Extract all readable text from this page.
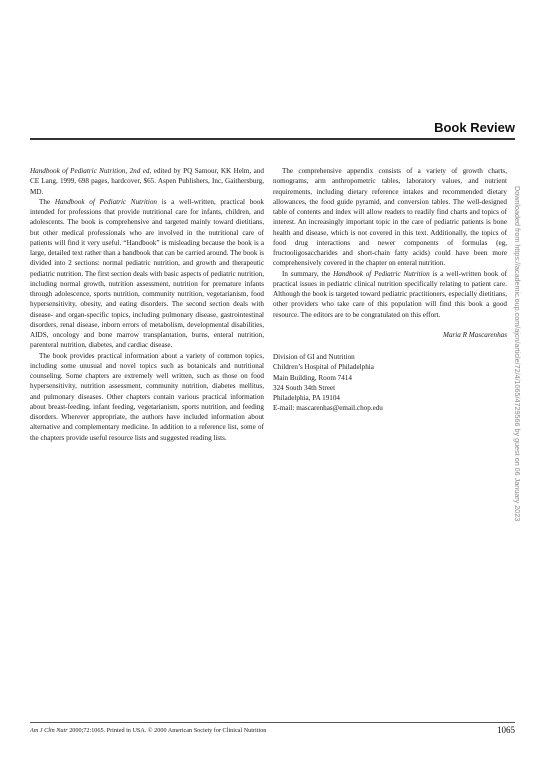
Book Review

Handbook of Pediatric Nutrition, 2nd ed, edited by PQ Samour, KK Helm, and CE Lang, 1999, 698 pages, hardcover, $65. Aspen Publishers, Inc, Gaithersburg, MD.

The Handbook of Pediatric Nutrition is a well-written, practical book intended for professions that provide nutritional care for infants, children, and adolescents. The book is comprehensive and targeted mainly toward dietitians, but other medical professionals who are involved in the nutritional care of patients will find it very useful. “Handbook” is misleading because the book is a large, detailed text rather than a handbook that can be carried around. The book is divided into 2 sections: normal pediatric nutrition, and growth and therapeutic pediatric nutrition. The first section deals with basic aspects of pediatric nutrition, including normal growth, nutrition assessment, nutrition for premature infants through adolescence, sports nutrition, community nutrition, vegetarianism, food hypersensitivity, obesity, and eating disorders. The second section deals with disease- and organ-specific topics, including pulmonary disease, gastrointestinal disorders, renal disease, inborn errors of metabolism, developmental disabilities, AIDS, oncology and bone marrow transplantation, burns, enteral nutrition, parenteral nutrition, diabetes, and cardiac disease.

The book provides practical information about a variety of common topics, including some unusual and novel topics such as botanicals and nutritional counseling. Some chapters are extremely well written, such as those on food hypersensitivity, nutrition assessment, community nutrition, diabetes mellitus, and pulmonary diseases. Other chapters contain various practical information about breast-feeding, infant feeding, vegetarianism, sports nutrition, and feeding disorders. Wherever appropriate, the authors have included information about alternative and complementary medicine. In addition to a reference list, some of the chapters provide useful resource lists and suggested reading lists.

The comprehensive appendix consists of a variety of growth charts, nomograms, arm anthropometric tables, laboratory values, and nutrient requirements, including dietary reference intakes and recommended dietary allowances, the food guide pyramid, and conversion tables. The well-designed table of contents and index will allow readers to readily find charts and topics of interest. An increasingly important topic in the care of pediatric patients is bone health and disease, which is not covered in this text. Additionally, the topics of food drug interactions and newer components of formulas (eg, fructooligosaccharides and short-chain fatty acids) could have been more comprehensively covered in the chapter on enteral nutrition.

In summary, the Handbook of Pediatric Nutrition is a well-written book of practical issues in pediatric clinical nutrition specifically relating to patient care. Although the book is targeted toward pediatric practitioners, especially dietitians, other providers who take care of this population will find this book a good resource. The editors are to be congratulated on this effort.

Maria R Mascarenhas

Division of GI and Nutrition
Children’s Hospital of Philadelphia
Main Building, Room 7414
324 South 34th Street
Philadelphia, PA 19104
E-mail: mascarenhas@email.chop.edu	Downloaded from https://academic.oup.com/ajcn/article/72/4/1065/4729566 by guest on 06 January 2023
Am J Clin Nutr 2000;72:1065. Printed in USA. © 2000 American Society for Clinical Nutrition	1065
